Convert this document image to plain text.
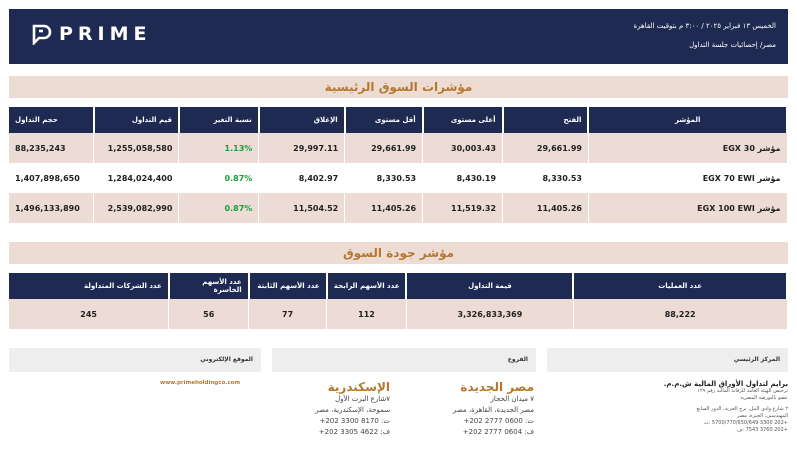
PRIME	الخميس ١٣ فبراير ٢٠٢٥ / ٣:٠٠ م بتوقيت القاهرة
مصر/ إحصائيات جلسة التداول
مؤشرات السوق الرئيسية
حجم التداول	قيم التداول	نسبة التغير	الإغلاق	أقل مستوى	أعلى مستوى	الفتح	المؤشر
88,235,243	1,255,058,580	1.13%	29,997.11	29,661.99	30,003.43	29,661.99	مؤشر EGX 30
1,407,898,650	1,284,024,400	0.87%	8,402.97	8,330.53	8,430.19	8,330.53	مؤشر EGX 70 EWI
1,496,133,890	2,539,082,990	0.87%	11,504.52	11,405.26	11,519.32	11,405.26	مؤشر EGX 100 EWI
مؤشر جودة السوق
عدد الشركات المتداولة	عدد الأسهم الخاسرة	عدد الأسهم الثابتة	عدد الأسهم الرابحة	قيمة التداول	عدد العمليات
245	56	77	112	3,326,833,369	88,222
الموقع الإلكتروني	الفروع	المركز الرئيسي
www.primeholdingco.com	الإسكندرية
٧شارع البرت الأول
سموحة، الإسكندرية، مصر
ت: 8170 3300 202+
ف: 4622 3305 202+
مصر الجديدة
٧ ميدان الحجاز
مصر الجديدة، القاهرة، مصر
ت: 0600 2777 202+
ف: 0604 2777 202+
برايم لتداول الأوراق المالية ش.م.م.
ترخيص الهيئة العامة للرقابة المالية رقم ١٢٩
عضو بالبورصة المصرية
٢ شارع وادي النيل، برج الحرية، الدور السابع
المهندسين، الجيزة، مصر
+202 3300 5700/770/650/649 :ت
+202 3760 7543 :ف
